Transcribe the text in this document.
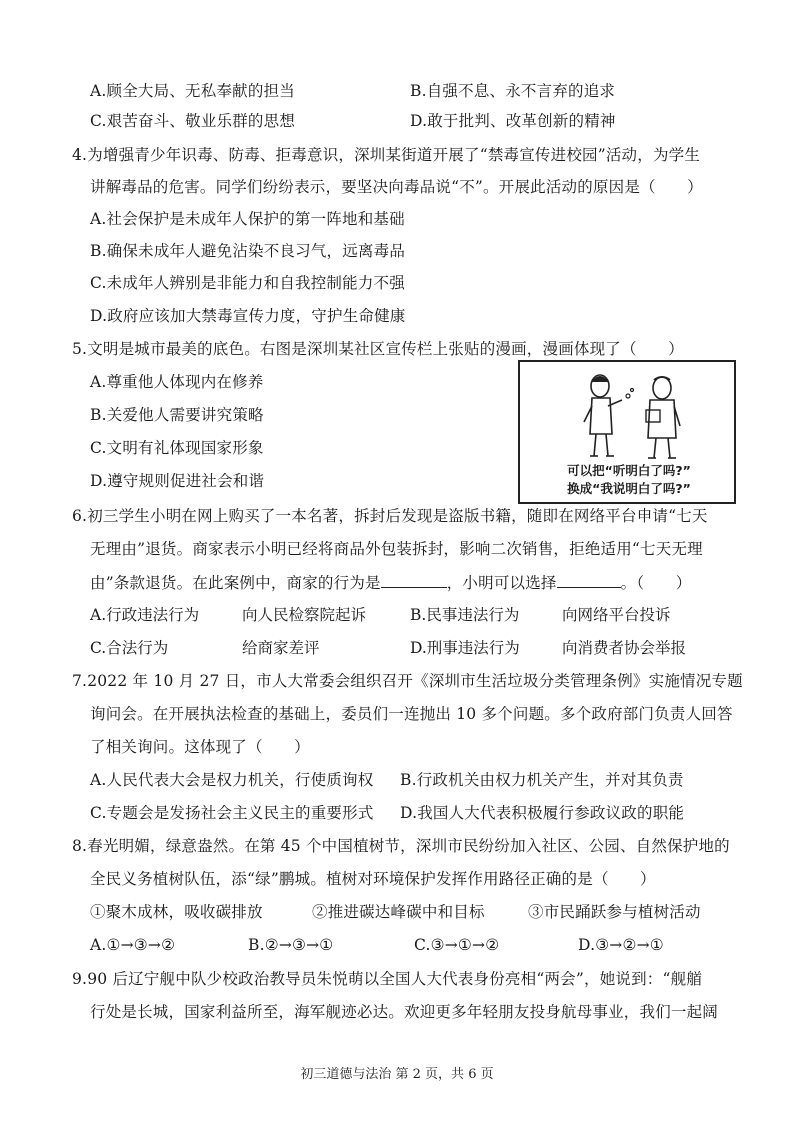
A.顾全大局、无私奉献的担当	B.自强不息、永不言弃的追求
C.艰苦奋斗、敬业乐群的思想	D.敢于批判、改革创新的精神
4.为增强青少年识毒、防毒、拒毒意识，深圳某街道开展了“禁毒宣传进校园”活动，为学生
讲解毒品的危害。同学们纷纷表示，要坚决向毒品说“不”。开展此活动的原因是（　　）
A.社会保护是未成年人保护的第一阵地和基础
B.确保未成年人避免沾染不良习气，远离毒品
C.未成年人辨别是非能力和自我控制能力不强
D.政府应该加大禁毒宣传力度，守护生命健康
5.文明是城市最美的底色。右图是深圳某社区宣传栏上张贴的漫画，漫画体现了（　　）
A.尊重他人体现内在修养
B.关爱他人需要讲究策略
C.文明有礼体现国家形象
D.遵守规则促进社会和谐
可以把“听明白了吗?”
换成“我说明白了吗?”
6.初三学生小明在网上购买了一本名著，拆封后发现是盗版书籍，随即在网络平台申请“七天
无理由”退货。商家表示小明已经将商品外包装拆封，影响二次销售，拒绝适用“七天无理
由”条款退货。在此案例中，商家的行为是	，小明可以选择	。（　　）
A.行政违法行为	向人民检察院起诉	B.民事违法行为	向网络平台投诉
C.合法行为	给商家差评	D.刑事违法行为	向消费者协会举报
7.2022 年 10 月 27 日，市人大常委会组织召开《深圳市生活垃圾分类管理条例》实施情况专题
询问会。在开展执法检查的基础上，委员们一连抛出 10 多个问题。多个政府部门负责人回答
了相关询问。这体现了（　　）
A.人民代表大会是权力机关，行使质询权 B.行政机关由权力机关产生，并对其负责
C.专题会是发扬社会主义民主的重要形式 D.我国人大代表积极履行参政议政的职能
8.春光明媚，绿意盎然。在第 45 个中国植树节，深圳市民纷纷加入社区、公园、自然保护地的
全民义务植树队伍，添“绿”鹏城。植树对环境保护发挥作用路径正确的是（　　）
①聚木成林，吸收碳排放	②推进碳达峰碳中和目标	③市民踊跃参与植树活动
A.①→③→②	B.②→③→①	C.③→①→②	D.③→②→①
9.90 后辽宁舰中队少校政治教导员朱悦萌以全国人大代表身份亮相“两会”，她说到：“舰艏
行处是长城，国家利益所至，海军舰迹必达。欢迎更多年轻朋友投身航母事业，我们一起阔
初三道德与法治 第 2 页，共 6 页
